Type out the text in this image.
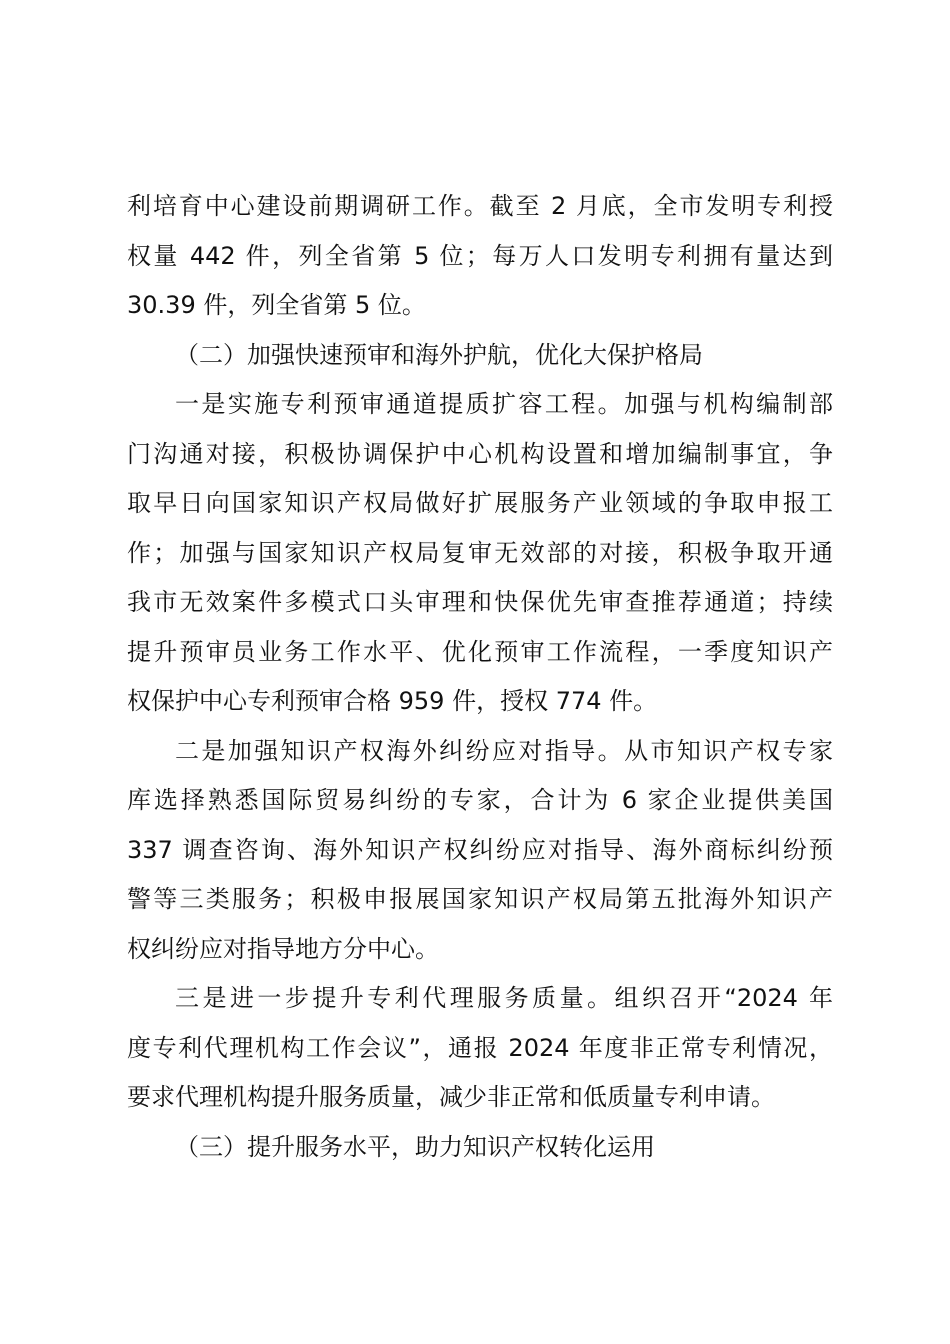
利培育中心建设前期调研工作。截至 2 月底，全市发明专利授
权量 442 件，列全省第 5 位；每万人口发明专利拥有量达到
30.39 件，列全省第 5 位。
（二）加强快速预审和海外护航，优化大保护格局
一是实施专利预审通道提质扩容工程。加强与机构编制部
门沟通对接，积极协调保护中心机构设置和增加编制事宜，争
取早日向国家知识产权局做好扩展服务产业领域的争取申报工
作；加强与国家知识产权局复审无效部的对接，积极争取开通
我市无效案件多模式口头审理和快保优先审查推荐通道；持续
提升预审员业务工作水平、优化预审工作流程，一季度知识产
权保护中心专利预审合格 959 件，授权 774 件。
二是加强知识产权海外纠纷应对指导。从市知识产权专家
库选择熟悉国际贸易纠纷的专家，合计为 6 家企业提供美国
337 调查咨询、海外知识产权纠纷应对指导、海外商标纠纷预
警等三类服务；积极申报展国家知识产权局第五批海外知识产
权纠纷应对指导地方分中心。
三是进一步提升专利代理服务质量。组织召开“2024 年
度专利代理机构工作会议”，通报 2024 年度非正常专利情况，
要求代理机构提升服务质量，减少非正常和低质量专利申请。
（三）提升服务水平，助力知识产权转化运用
